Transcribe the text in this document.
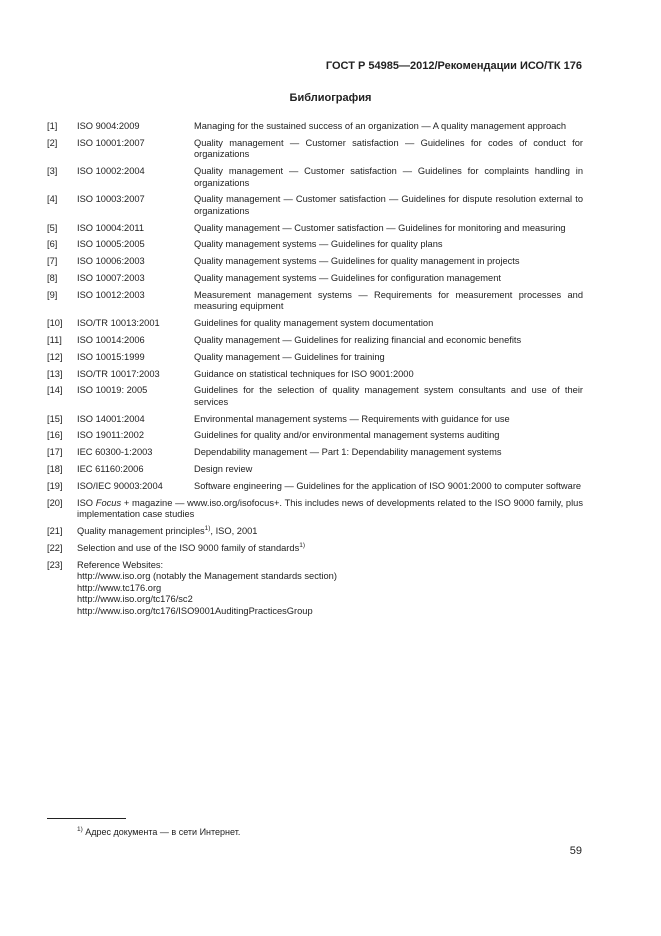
ГОСТ Р 54985—2012/Рекомендации ИСО/ТК 176
Библиография
[1]	ISO 9004:2009	Managing for the sustained success of an organization — A quality management approach
[2]	ISO 10001:2007	Quality management — Customer satisfaction — Guidelines for codes of conduct for organizations
[3]	ISO 10002:2004	Quality management — Customer satisfaction — Guidelines for complaints handling in organizations
[4]	ISO 10003:2007	Quality management — Customer satisfaction — Guidelines for dispute resolution external to organizations
[5]	ISO 10004:2011	Quality management — Customer satisfaction — Guidelines for monitoring and measuring
[6]	ISO 10005:2005	Quality management systems — Guidelines for quality plans
[7]	ISO 10006:2003	Quality management systems — Guidelines for quality management in projects
[8]	ISO 10007:2003	Quality management systems — Guidelines for configuration management
[9]	ISO 10012:2003	Measurement management systems — Requirements for measurement processes and measuring equipment
[10]	ISO/TR 10013:2001	Guidelines for quality management system documentation
[11]	ISO 10014:2006	Quality management — Guidelines for realizing financial and economic benefits
[12]	ISO 10015:1999	Quality management — Guidelines for training
[13]	ISO/TR 10017:2003	Guidance on statistical techniques for ISO 9001:2000
[14]	ISO 10019: 2005	Guidelines for the selection of quality management system consultants and use of their services
[15]	ISO 14001:2004	Environmental management systems — Requirements with guidance for use
[16]	ISO 19011:2002	Guidelines for quality and/or environmental management systems auditing
[17]	IEC 60300-1:2003	Dependability management — Part 1: Dependability management systems
[18]	IEC 61160:2006	Design review
[19]	ISO/IEC 90003:2004	Software engineering — Guidelines for the application of ISO 9001:2000 to computer software
[20]	ISO Focus + magazine — www.iso.org/isofocus+. This includes news of developments related to the ISO 9000 family, plus implementation case studies
[21]	Quality management principles$^{1)}$, ISO, 2001
[22]	Selection and use of the ISO 9000 family of standards$^{1)}$
[23]	Reference Websites:
http://www.iso.org (notably the Management standards section)
http://www.tc176.org
http://www.iso.org/tc176/sc2
http://www.iso.org/tc176/ISO9001AuditingPracticesGroup
$^{1)}$ Адрес документа — в сети Интернет.
59
